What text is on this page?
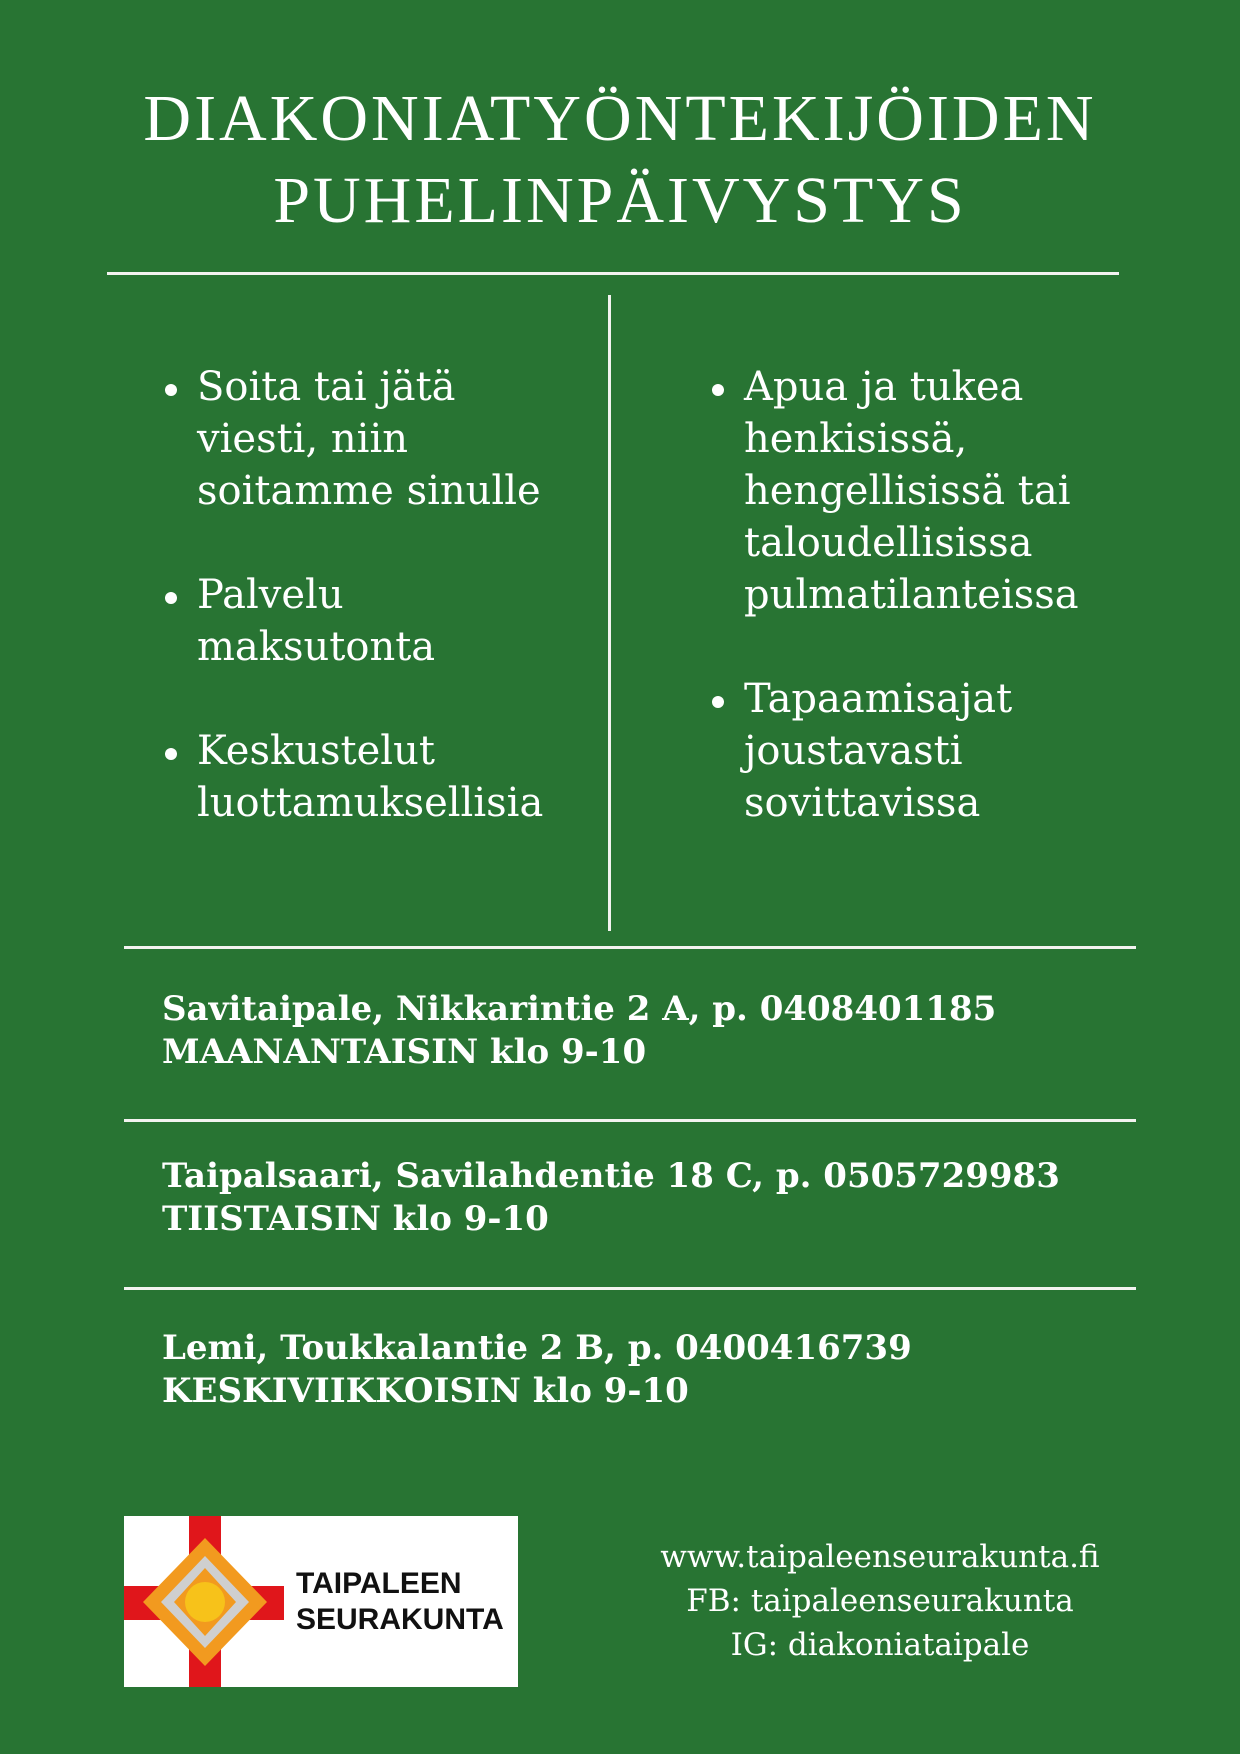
DIAKONIATYÖNTEKIJÖIDEN
PUHELINPÄIVYSTYS
Soita tai jätä
viesti, niin
soitamme sinulle
Palvelu
maksutonta
Keskustelut
luottamuksellisia
Apua ja tukea
henkisissä,
hengellisissä tai
taloudellisissa
pulmatilanteissa
Tapaamisajat
joustavasti
sovittavissa
Savitaipale, Nikkarintie 2 A, p. 0408401185
MAANANTAISIN klo 9-10
Taipalsaari, Savilahdentie 18 C, p. 0505729983
TIISTAISIN klo 9-10
Lemi, Toukkalantie 2 B, p. 0400416739
KESKIVIIKKOISIN klo 9-10
TAIPALEEN
SEURAKUNTA
www.taipaleenseurakunta.fi
FB: taipaleenseurakunta
IG: diakoniataipale
